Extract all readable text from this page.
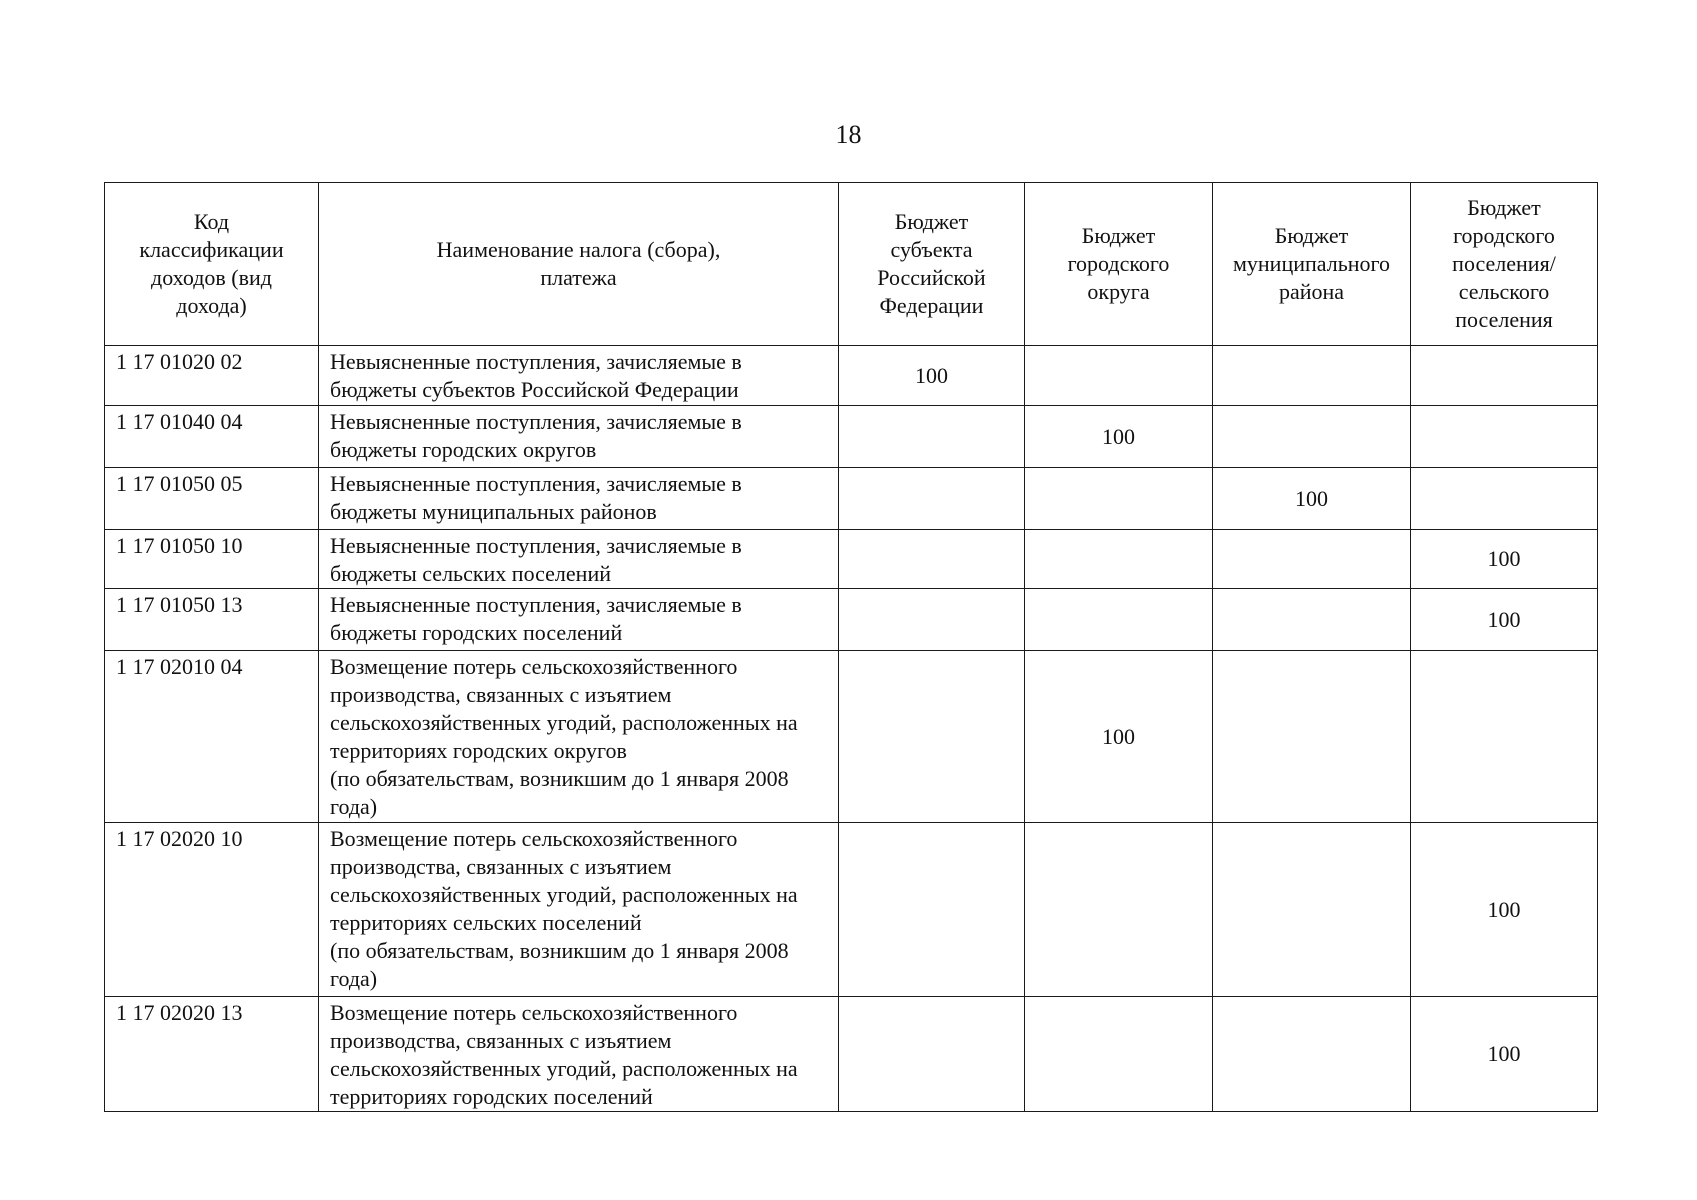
18
Код классификации доходов (вид дохода)	Наименование налога (сбора), платежа	Бюджет субъекта Российской Федерации	Бюджет городского округа	Бюджет муниципального района	Бюджет городского поселения/ сельского поселения
1 17 01020 02	Невыясненные поступления, зачисляемые в бюджеты субъектов Российской Федерации	100			
1 17 01040 04	Невыясненные поступления, зачисляемые в бюджеты городских округов		100		
1 17 01050 05	Невыясненные поступления, зачисляемые в бюджеты муниципальных районов			100	
1 17 01050 10	Невыясненные поступления, зачисляемые в бюджеты сельских поселений				100
1 17 01050 13	Невыясненные поступления, зачисляемые в бюджеты городских поселений				100
1 17 02010 04	Возмещение потерь сельскохозяйственного производства, связанных с изъятием сельскохозяйственных угодий, расположенных на территориях городских округов
(по обязательствам, возникшим до 1 января 2008 года)		100		
1 17 02020 10	Возмещение потерь сельскохозяйственного производства, связанных с изъятием сельскохозяйственных угодий, расположенных на территориях сельских поселений
(по обязательствам, возникшим до 1 января 2008 года)				100
1 17 02020 13	Возмещение потерь сельскохозяйственного производства, связанных с изъятием сельскохозяйственных угодий, расположенных на территориях городских поселений				100
